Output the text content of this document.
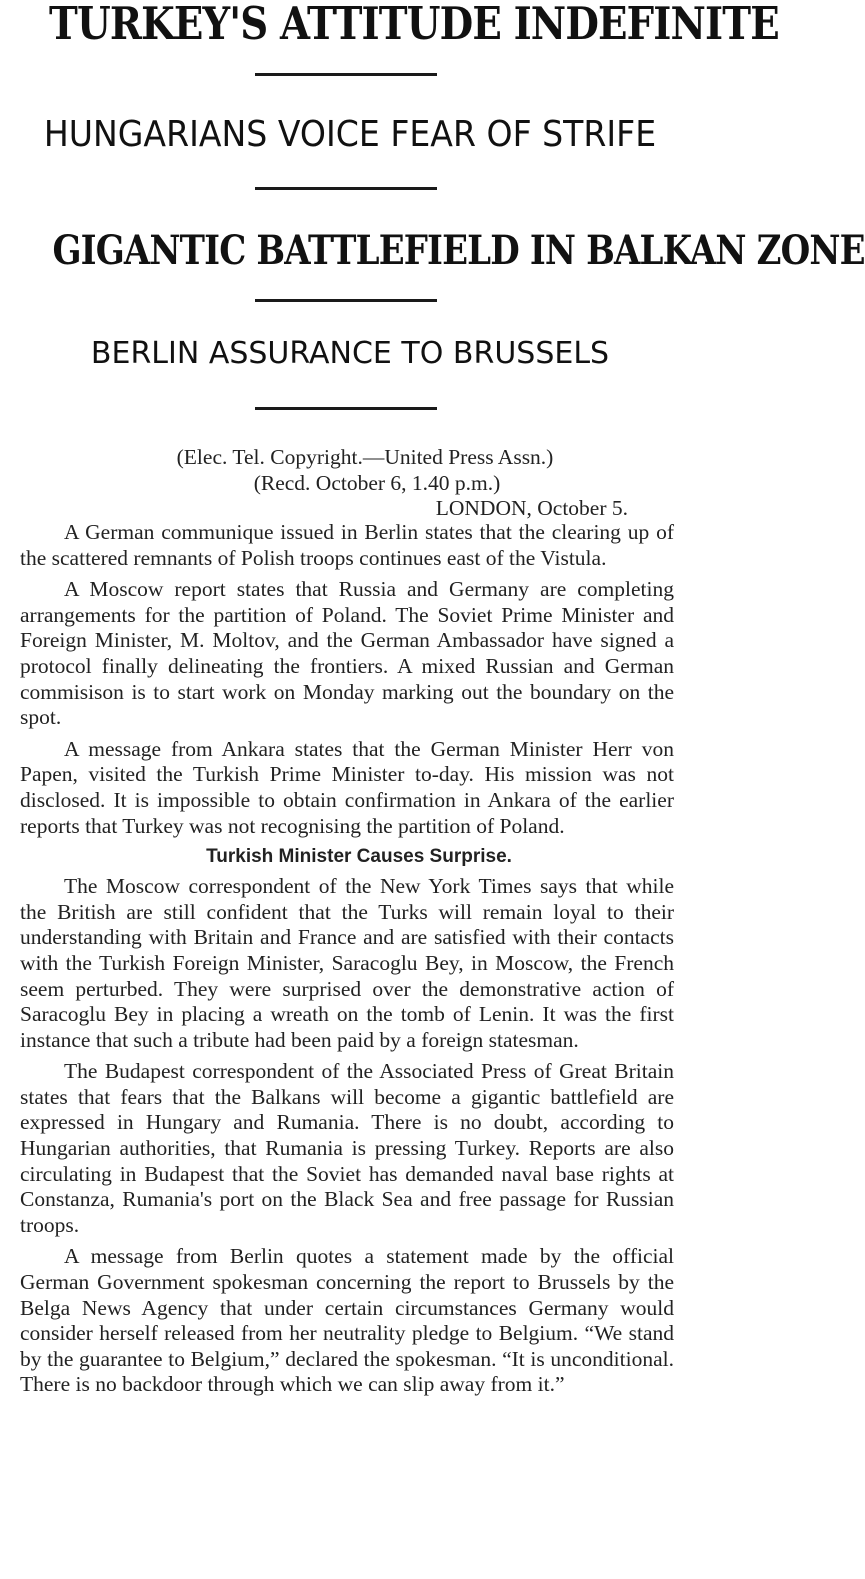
TURKEY'S ATTITUDE INDEFINITE
HUNGARIANS VOICE FEAR OF STRIFE
GIGANTIC BATTLEFIELD IN BALKAN ZONE
BERLIN ASSURANCE TO BRUSSELS

(Elec. Tel. Copyright.—United Press Assn.)

(Recd. October 6, 1.40 p.m.)

LONDON, October 5.

A German communique issued in Berlin states that the clearing up of the scattered remnants of Polish troops continues east of the Vistula.

A Moscow report states that Russia and Germany are completing arrangements for the partition of Poland. The Soviet Prime Minister and Foreign Minister, M. Moltov, and the German Ambassador have signed a protocol finally delineating the frontiers. A mixed Russian and German commisison is to start work on Monday marking out the boundary on the spot.

A message from Ankara states that the German Minister Herr von Papen, visited the Turkish Prime Minister to-day. His mission was not disclosed. It is impossible to obtain confirmation in Ankara of the earlier reports that Turkey was not recognising the partition of Poland.

Turkish Minister Causes Surprise.

The Moscow correspondent of the New York Times says that while the British are still confident that the Turks will remain loyal to their understanding with Britain and France and are satisfied with their contacts with the Turkish Foreign Minister, Saracoglu Bey, in Moscow, the French seem perturbed. They were surprised over the demonstrative action of Saracoglu Bey in placing a wreath on the tomb of Lenin. It was the first instance that such a tribute had been paid by a foreign statesman.

The Budapest correspondent of the Associated Press of Great Britain states that fears that the Balkans will become a gigantic battlefield are expressed in Hungary and Rumania. There is no doubt, according to Hungarian authorities, that Rumania is pressing Turkey. Reports are also circulating in Budapest that the Soviet has demanded naval base rights at Constanza, Rumania's port on the Black Sea and free passage for Russian troops.

A message from Berlin quotes a statement made by the official German Government spokesman concerning the report to Brussels by the Belga News Agency that under certain circumstances Germany would consider herself released from her neutrality pledge to Belgium. “We stand by the guarantee to Belgium,” declared the spokesman. “It is unconditional. There is no backdoor through which we can slip away from it.”
